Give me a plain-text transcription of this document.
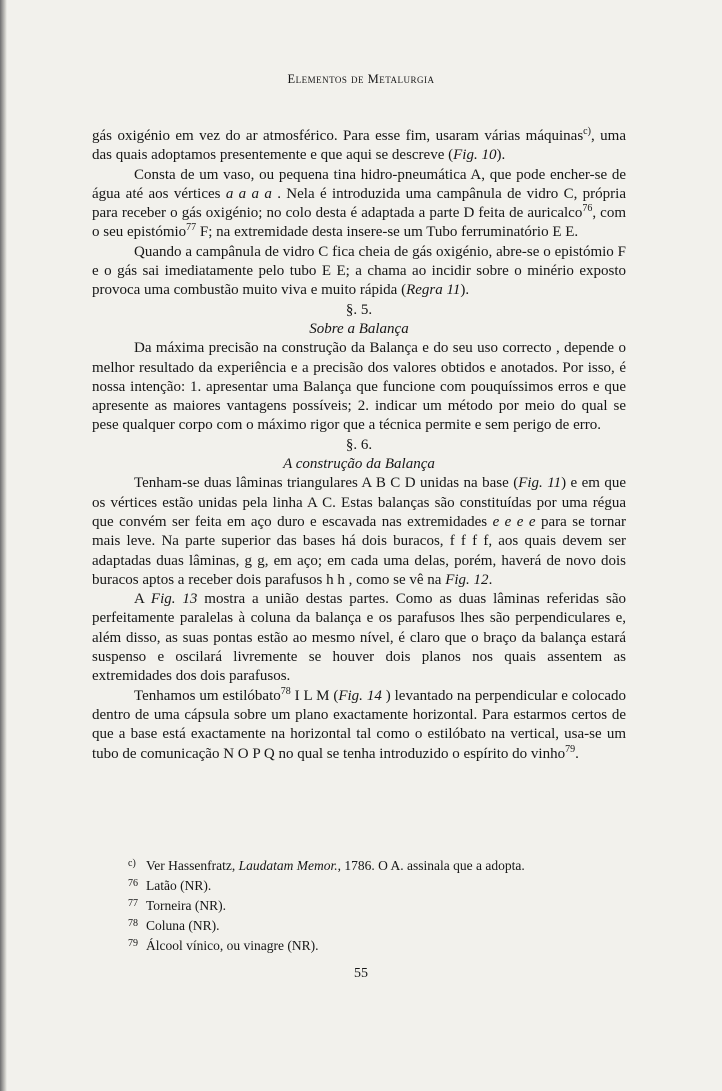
Elementos de Metalurgia

gás oxigénio em vez do ar atmosférico. Para esse fim, usaram várias máquinas$^{c)}$, uma das quais adoptamos presentemente e que aqui se descreve (Fig. 10).

Consta de um vaso, ou pequena tina hidro-pneumática A, que pode encher-se de água até aos vértices a a a a . Nela é introduzida uma campânula de vidro C, própria para receber o gás oxigénio; no colo desta é adaptada a parte D feita de auricalco$^{76}$, com o seu epistómio$^{77}$ F; na extremidade desta insere-se um Tubo ferruminatório E E.

Quando a campânula de vidro C fica cheia de gás oxigénio, abre-se o epistómio F e o gás sai imediatamente pelo tubo E E; a chama ao incidir sobre o minério exposto provoca uma combustão muito viva e muito rápida (Regra 11).

§. 5.

Sobre a Balança

Da máxima precisão na construção da Balança e do seu uso correcto , depende o melhor resultado da experiência e a precisão dos valores obtidos e anotados. Por isso, é nossa intenção: 1. apresentar uma Balança que funcione com pouquíssimos erros e que apresente as maiores vantagens possíveis; 2. indicar um método por meio do qual se pese qualquer corpo com o máximo rigor que a técnica permite e sem perigo de erro.

§. 6.

A construção da Balança

Tenham-se duas lâminas triangulares A B C D unidas na base (Fig. 11) e em que os vértices estão unidas pela linha A C. Estas balanças são constituídas por uma régua que convém ser feita em aço duro e escavada nas extremidades e e e e para se tornar mais leve. Na parte superior das bases há dois buracos, f f f f, aos quais devem ser adaptadas duas lâminas, g g, em aço; em cada uma delas, porém, haverá de novo dois buracos aptos a receber dois parafusos h h , como se vê na Fig. 12.

A Fig. 13 mostra a união destas partes. Como as duas lâminas referidas são perfeitamente paralelas à coluna da balança e os parafusos lhes são perpendiculares e, além disso, as suas pontas estão ao mesmo nível, é claro que o braço da balança estará suspenso e oscilará livremente se houver dois planos nos quais assentem as extremidades dos dois parafusos.

Tenhamos um estilóbato$^{78}$ I L M (Fig. 14 ) levantado na perpendicular e colocado dentro de uma cápsula sobre um plano exactamente horizontal. Para estarmos certos de que a base está exactamente na horizontal tal como o estilóbato na vertical, usa-se um tubo de comunicação N O P Q no qual se tenha introduzido o espírito do vinho$^{79}$.

c) Ver Hassenfratz, Laudatam Memor., 1786. O A. assinala que a adopta.
76 Latão (NR).
77 Torneira (NR).
78 Coluna (NR).
79 Álcool vínico, ou vinagre (NR).
55
